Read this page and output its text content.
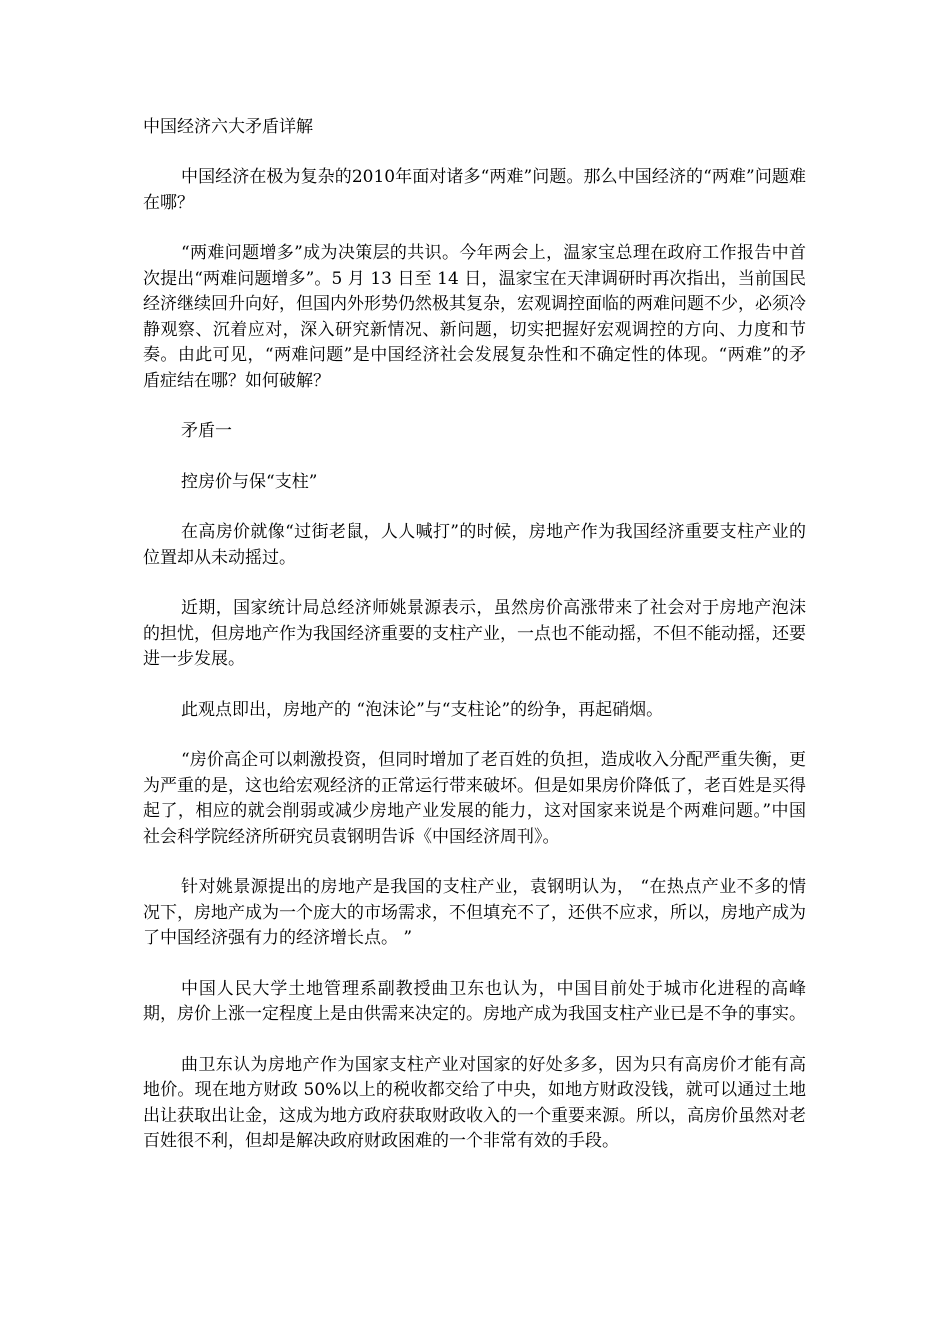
中国经济六大矛盾详解

中国经济在极为复杂的2010年面对诸多“两难”问题。那么中国经济的“两难”问题难在哪？

“两难问题增多”成为决策层的共识。今年两会上，温家宝总理在政府工作报告中首次提出“两难问题增多”。5 月 13 日至 14 日，温家宝在天津调研时再次指出，当前国民经济继续回升向好，但国内外形势仍然极其复杂，宏观调控面临的两难问题不少，必须冷静观察、沉着应对，深入研究新情况、新问题，切实把握好宏观调控的方向、力度和节奏。由此可见，“两难问题”是中国经济社会发展复杂性和不确定性的体现。“两难”的矛盾症结在哪？如何破解？

矛盾一

控房价与保“支柱”

在高房价就像“过街老鼠，人人喊打”的时候，房地产作为我国经济重要支柱产业的位置却从未动摇过。

近期，国家统计局总经济师姚景源表示，虽然房价高涨带来了社会对于房地产泡沫的担忧，但房地产作为我国经济重要的支柱产业，一点也不能动摇，不但不能动摇，还要进一步发展。

此观点即出，房地产的 “泡沫论”与“支柱论”的纷争，再起硝烟。

“房价高企可以刺激投资，但同时增加了老百姓的负担，造成收入分配严重失衡，更为严重的是，这也给宏观经济的正常运行带来破坏。但是如果房价降低了，老百姓是买得起了，相应的就会削弱或减少房地产业发展的能力，这对国家来说是个两难问题。”中国社会科学院经济所研究员袁钢明告诉《中国经济周刊》。

针对姚景源提出的房地产是我国的支柱产业，袁钢明认为， “在热点产业不多的情况下，房地产成为一个庞大的市场需求，不但填充不了，还供不应求，所以，房地产成为了中国经济强有力的经济增长点。 ”

中国人民大学土地管理系副教授曲卫东也认为，中国目前处于城市化进程的高峰期，房价上涨一定程度上是由供需来决定的。房地产成为我国支柱产业已是不争的事实。

曲卫东认为房地产作为国家支柱产业对国家的好处多多，因为只有高房价才能有高地价。现在地方财政 50%以上的税收都交给了中央，如地方财政没钱，就可以通过土地出让获取出让金，这成为地方政府获取财政收入的一个重要来源。所以，高房价虽然对老百姓很不利，但却是解决政府财政困难的一个非常有效的手段。
